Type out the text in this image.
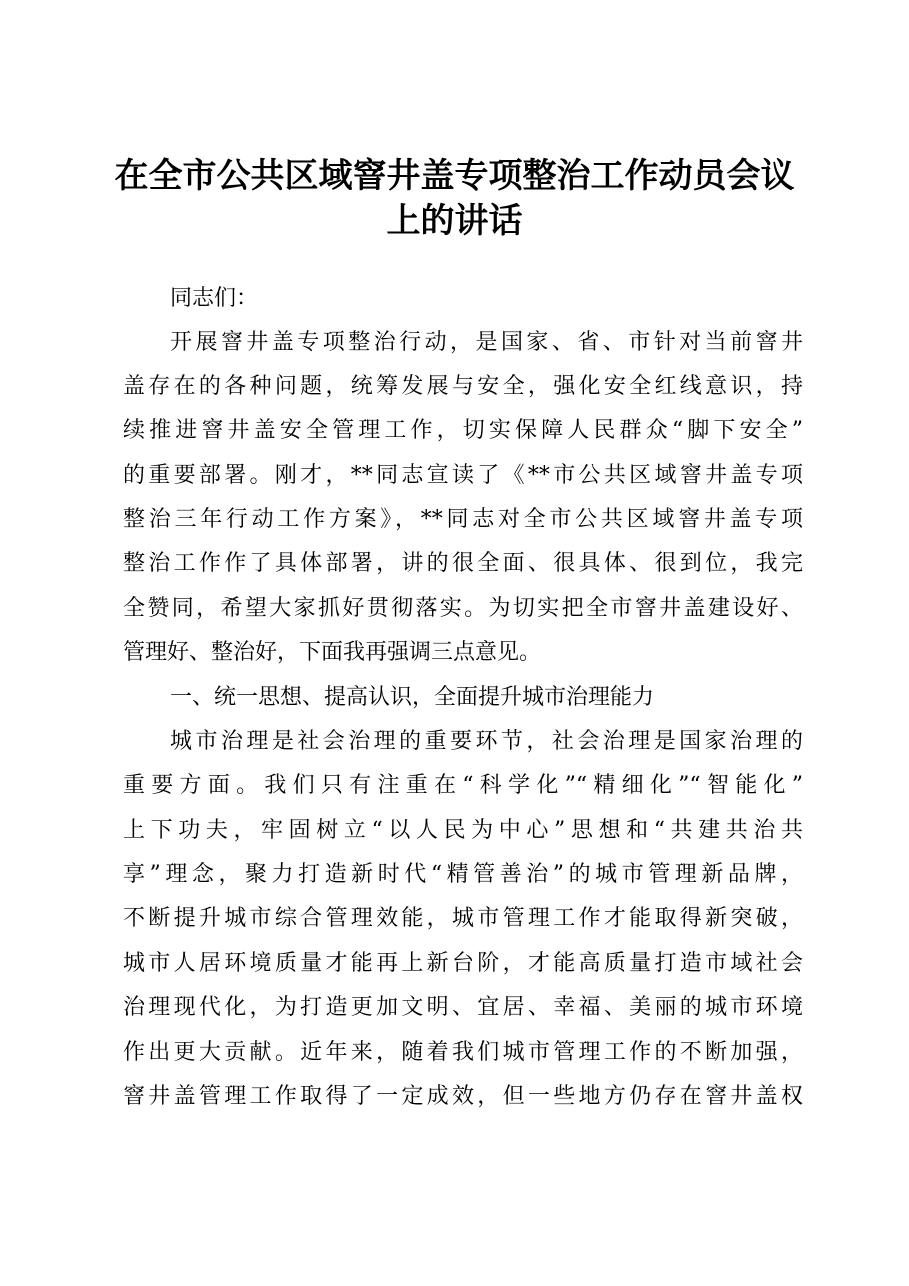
在全市公共区域窨井盖专项整治工作动员会议
上的讲话
同志们：
开展窨井盖专项整治行动，是国家、省、市针对当前窨井
盖存在的各种问题，统筹发展与安全，强化安全红线意识，持
续推进窨井盖安全管理工作，切实保障人民群众“脚下安全”
的重要部署。刚才，**同志宣读了《**市公共区域窨井盖专项
整治三年行动工作方案》，**同志对全市公共区域窨井盖专项
整治工作作了具体部署，讲的很全面、很具体、很到位，我完
全赞同，希望大家抓好贯彻落实。为切实把全市窨井盖建设好、
管理好、整治好，下面我再强调三点意见。
一、统一思想、提高认识，全面提升城市治理能力
城市治理是社会治理的重要环节，社会治理是国家治理的
重要方面。我们只有注重在“科学化”“精细化”“智能化”
上下功夫，牢固树立“以人民为中心”思想和“共建共治共
享”理念，聚力打造新时代“精管善治”的城市管理新品牌，
不断提升城市综合管理效能，城市管理工作才能取得新突破，
城市人居环境质量才能再上新台阶，才能高质量打造市域社会
治理现代化，为打造更加文明、宜居、幸福、美丽的城市环境
作出更大贡献。近年来，随着我们城市管理工作的不断加强，
窨井盖管理工作取得了一定成效，但一些地方仍存在窨井盖权
